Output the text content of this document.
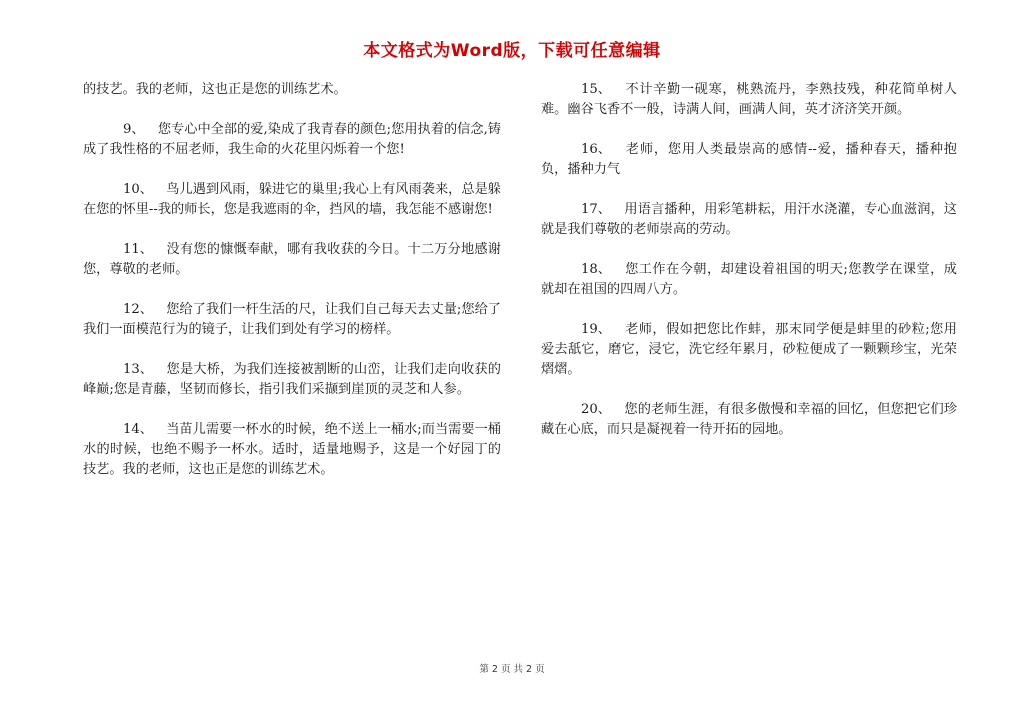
本文格式为Word版，下载可任意编辑

的技艺。我的老师，这也正是您的训练艺术。

9、　您专心中全部的爱,染成了我青春的颜色;您用执着的信念,铸成了我性格的不屈老师，我生命的火花里闪烁着一个您!

10、　鸟儿遇到风雨，躲进它的巢里;我心上有风雨袭来，总是躲在您的怀里--我的师长，您是我遮雨的伞，挡风的墙，我怎能不感谢您!

11、　没有您的慷慨奉献，哪有我收获的今日。十二万分地感谢您，尊敬的老师。

12、　您给了我们一杆生活的尺，让我们自己每天去丈量;您给了我们一面模范行为的镜子，让我们到处有学习的榜样。

13、　您是大桥，为我们连接被割断的山峦，让我们走向收获的峰巅;您是青藤，坚韧而修长，指引我们采撷到崖顶的灵芝和人参。

14、　当苗儿需要一杯水的时候，绝不送上一桶水;而当需要一桶水的时候，也绝不赐予一杯水。适时，适量地赐予，这是一个好园丁的技艺。我的老师，这也正是您的训练艺术。

15、　不计辛勤一砚寒，桃熟流丹，李熟技残，种花简单树人难。幽谷飞香不一般，诗满人间，画满人间，英才济济笑开颜。

16、　老师，您用人类最崇高的感情--爱，播种春天，播种抱负，播种力气

17、　用语言播种，用彩笔耕耘，用汗水浇灌，专心血滋润，这就是我们尊敬的老师崇高的劳动。

18、　您工作在今朝，却建设着祖国的明天;您教学在课堂，成就却在祖国的四周八方。

19、　老师，假如把您比作蚌，那末同学便是蚌里的砂粒;您用爱去舐它，磨它，浸它，洗它经年累月，砂粒便成了一颗颗珍宝，光荣熠熠。

20、　您的老师生涯，有很多傲慢和幸福的回忆，但您把它们珍藏在心底，而只是凝视着一待开拓的园地。

第 2 页 共 2 页
